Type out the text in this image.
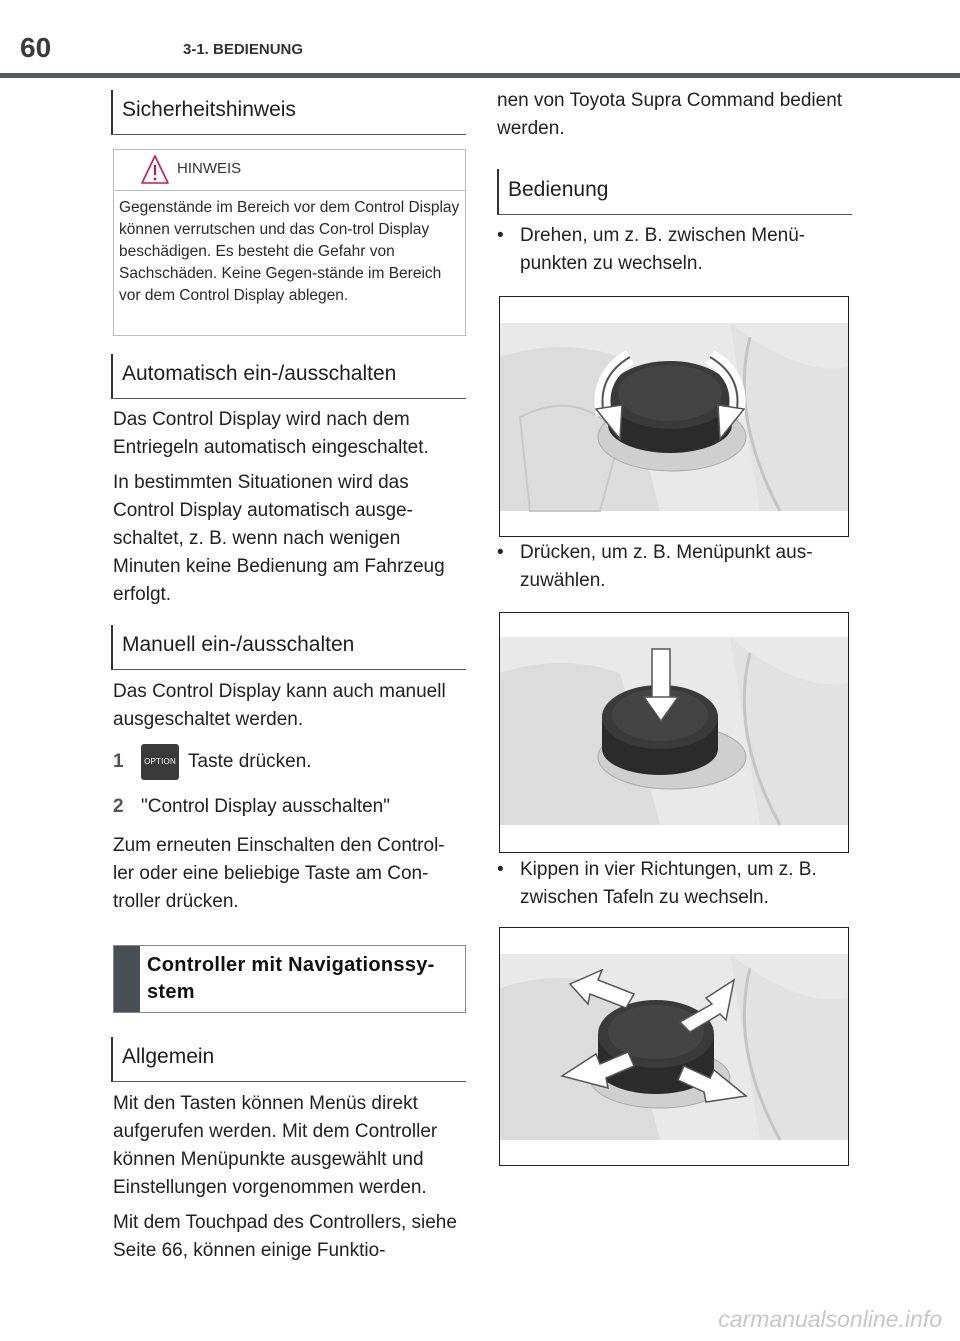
60	3-1. BEDIENUNG
Sicherheitshinweis
HINWEIS
Gegenstände im Bereich vor dem Control Display können verrutschen und das Con-trol Display beschädigen. Es besteht die Gefahr von Sachschäden. Keine Gegen-stände im Bereich vor dem Control Display ablegen.
Automatisch ein-/ausschalten

Das Control Display wird nach dem Entriegeln automatisch eingeschaltet.

In bestimmten Situationen wird das Control Display automatisch ausge-schaltet, z. B. wenn nach wenigen Minuten keine Bedienung am Fahrzeug erfolgt.

Manuell ein-/ausschalten
Das Control Display kann auch manuell ausgeschaltet werden.
1	OPTION Taste drücken.
2 "Control Display ausschalten"
Zum erneuten Einschalten den Control-ler oder eine beliebige Taste am Con-troller drücken.
Controller mit Navigationssy-stem
Allgemein

Mit den Tasten können Menüs direkt aufgerufen werden. Mit dem Controller können Menüpunkte ausgewählt und Einstellungen vorgenommen werden.

Mit dem Touchpad des Controllers, siehe Seite 66, können einige Funktio-

nen von Toyota Supra Command bedient werden.
Bedienung
• Drehen, um z. B. zwischen Menü-punkten zu wechseln.
• Drücken, um z. B. Menüpunkt aus-zuwählen.
• Kippen in vier Richtungen, um z. B. zwischen Tafeln zu wechseln.
carmanualsonline.info
